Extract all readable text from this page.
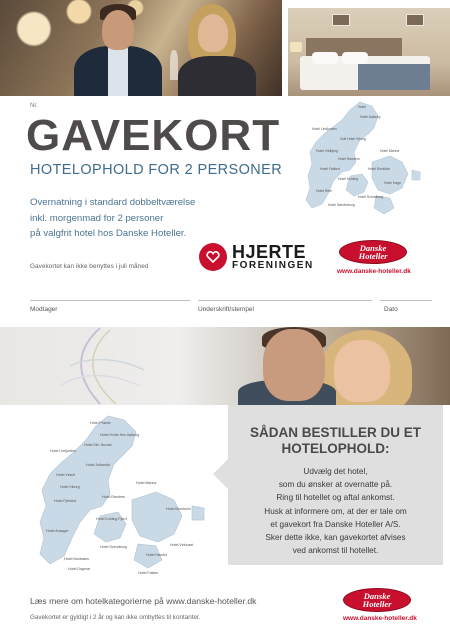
Nr.
GAVEKORT
HOTELOPHOLD FOR 2 PERSONER
Overnatning i standard dobbeltværelse
inkl. morgenmad for 2 personer
på valgfrit hotel hos Danske Hoteller.
Gavekortet kan ikke benyttes i juli måned
Hotel
Hotel Aalborg
Hotel Limfjorden
Golf Hotel Viborg
Hotel Marina
Hotel Vildbjerg
Hotel Randers
Hotel Falsled	Hotel Roskilde
Hotel Kolding
Hotel Køge
Hotel Ribe
Hotel Svendborg
Hotel Sønderborg
HJERTE
FORENINGEN
Danske
Hoteller
www.danske-hoteller.dk
Modtager	Underskrift/stempel	Dato
Hotel Phønix
Hotel Hvide Hus Aalborg
Hotel Skt. Nicolai
Hotel Limfjorden
Hotel Jutlandia
Hotel Vinkel
Hotel Marina
Hotel Viborg
Hotel Randers
Hotel Fjelsted
Hotel Kolding Fjord
Hotel Ansager
Hotel Svendborg	Hotel Vinhuset
Hotel Hamlet
Hotel Nordsøen
Hotel Dagmar
Hotel Falster
Hotel Bornholm
SÅDAN BESTILLER DU ET
HOTELOPHOLD:
Udvælg det hotel,
som du ønsker at overnatte på.
Ring til hotellet og aftal ankomst.
Husk at informere om, at der er tale om
et gavekort fra Danske Hoteller A/S.
Sker dette ikke, kan gavekortet afvises
ved ankomst til hotellet.
Læs mere om hotelkategorierne på www.danske-hoteller.dk
Gavekortet er gyldigt i 2 år og kan ikke ombyttes til kontanter.
Danske
Hoteller
www.danske-hoteller.dk
